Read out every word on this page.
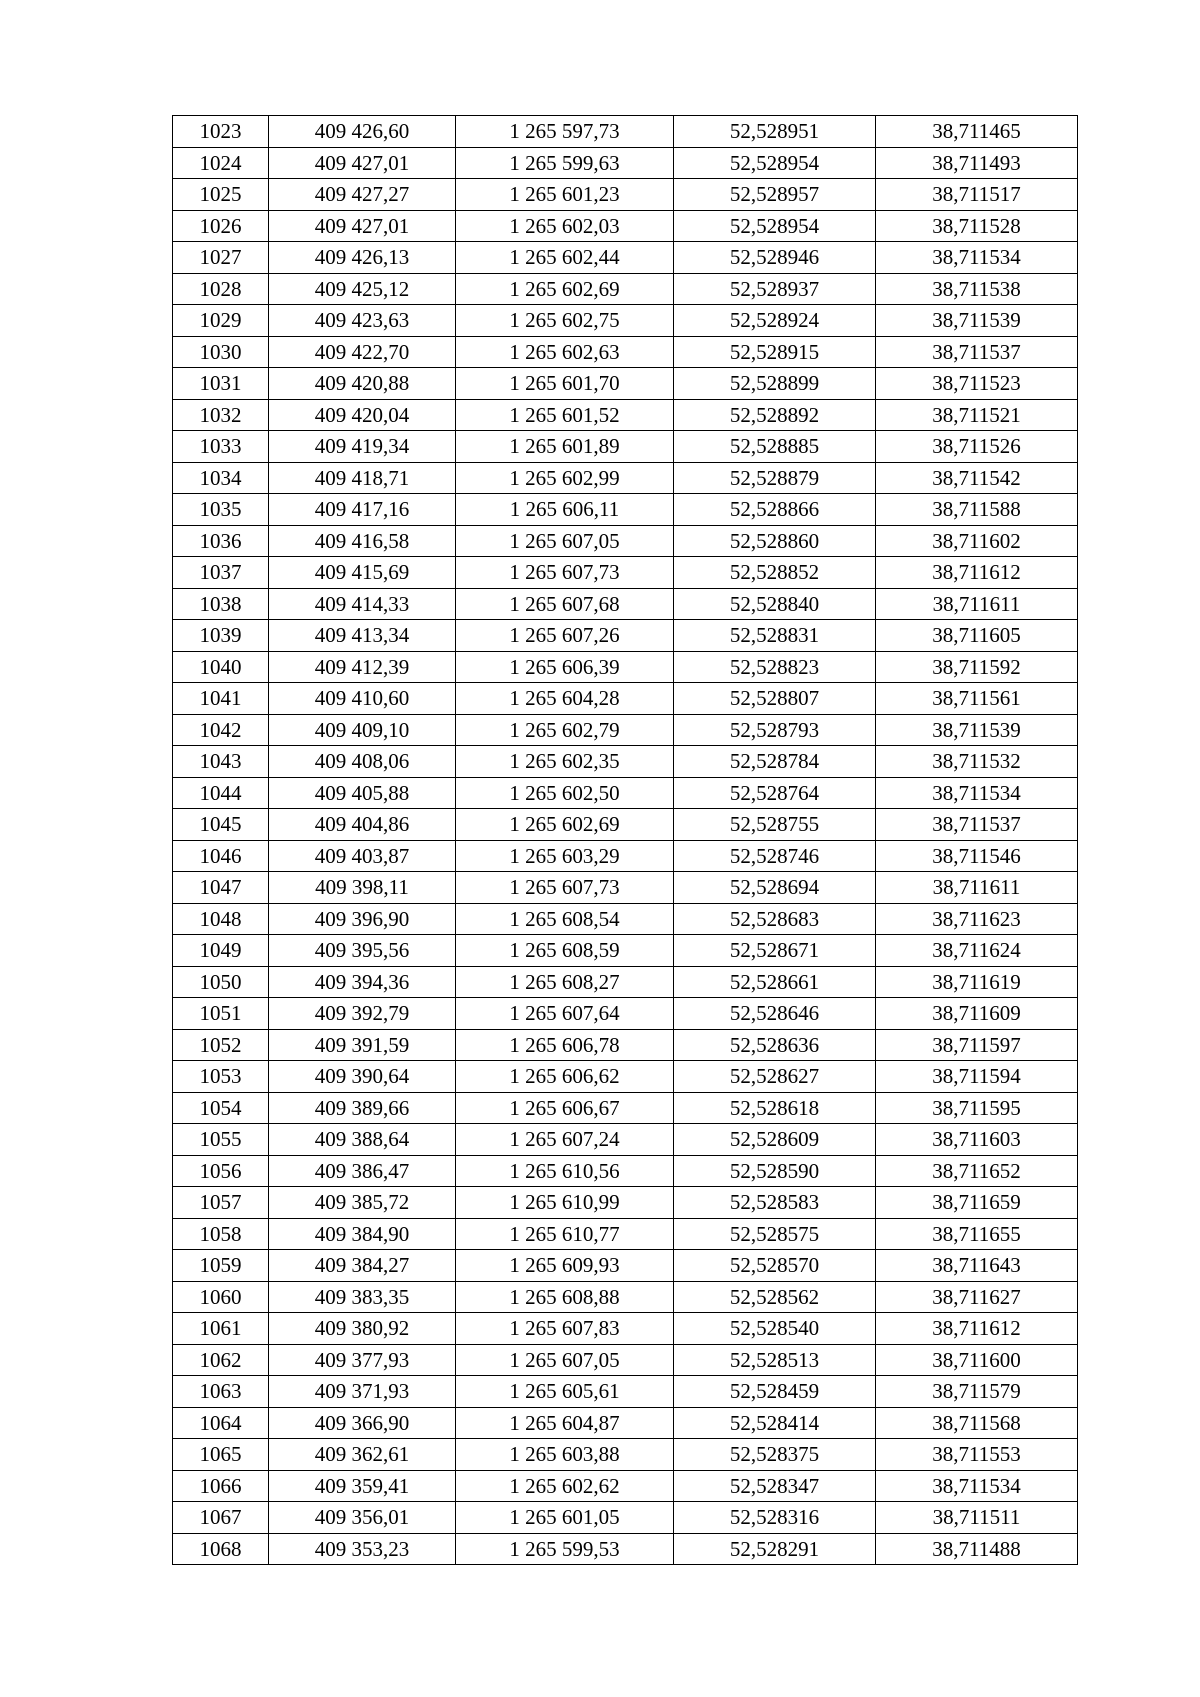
1023	409 426,60	1 265 597,73	52,528951	38,711465
1024	409 427,01	1 265 599,63	52,528954	38,711493
1025	409 427,27	1 265 601,23	52,528957	38,711517
1026	409 427,01	1 265 602,03	52,528954	38,711528
1027	409 426,13	1 265 602,44	52,528946	38,711534
1028	409 425,12	1 265 602,69	52,528937	38,711538
1029	409 423,63	1 265 602,75	52,528924	38,711539
1030	409 422,70	1 265 602,63	52,528915	38,711537
1031	409 420,88	1 265 601,70	52,528899	38,711523
1032	409 420,04	1 265 601,52	52,528892	38,711521
1033	409 419,34	1 265 601,89	52,528885	38,711526
1034	409 418,71	1 265 602,99	52,528879	38,711542
1035	409 417,16	1 265 606,11	52,528866	38,711588
1036	409 416,58	1 265 607,05	52,528860	38,711602
1037	409 415,69	1 265 607,73	52,528852	38,711612
1038	409 414,33	1 265 607,68	52,528840	38,711611
1039	409 413,34	1 265 607,26	52,528831	38,711605
1040	409 412,39	1 265 606,39	52,528823	38,711592
1041	409 410,60	1 265 604,28	52,528807	38,711561
1042	409 409,10	1 265 602,79	52,528793	38,711539
1043	409 408,06	1 265 602,35	52,528784	38,711532
1044	409 405,88	1 265 602,50	52,528764	38,711534
1045	409 404,86	1 265 602,69	52,528755	38,711537
1046	409 403,87	1 265 603,29	52,528746	38,711546
1047	409 398,11	1 265 607,73	52,528694	38,711611
1048	409 396,90	1 265 608,54	52,528683	38,711623
1049	409 395,56	1 265 608,59	52,528671	38,711624
1050	409 394,36	1 265 608,27	52,528661	38,711619
1051	409 392,79	1 265 607,64	52,528646	38,711609
1052	409 391,59	1 265 606,78	52,528636	38,711597
1053	409 390,64	1 265 606,62	52,528627	38,711594
1054	409 389,66	1 265 606,67	52,528618	38,711595
1055	409 388,64	1 265 607,24	52,528609	38,711603
1056	409 386,47	1 265 610,56	52,528590	38,711652
1057	409 385,72	1 265 610,99	52,528583	38,711659
1058	409 384,90	1 265 610,77	52,528575	38,711655
1059	409 384,27	1 265 609,93	52,528570	38,711643
1060	409 383,35	1 265 608,88	52,528562	38,711627
1061	409 380,92	1 265 607,83	52,528540	38,711612
1062	409 377,93	1 265 607,05	52,528513	38,711600
1063	409 371,93	1 265 605,61	52,528459	38,711579
1064	409 366,90	1 265 604,87	52,528414	38,711568
1065	409 362,61	1 265 603,88	52,528375	38,711553
1066	409 359,41	1 265 602,62	52,528347	38,711534
1067	409 356,01	1 265 601,05	52,528316	38,711511
1068	409 353,23	1 265 599,53	52,528291	38,711488
